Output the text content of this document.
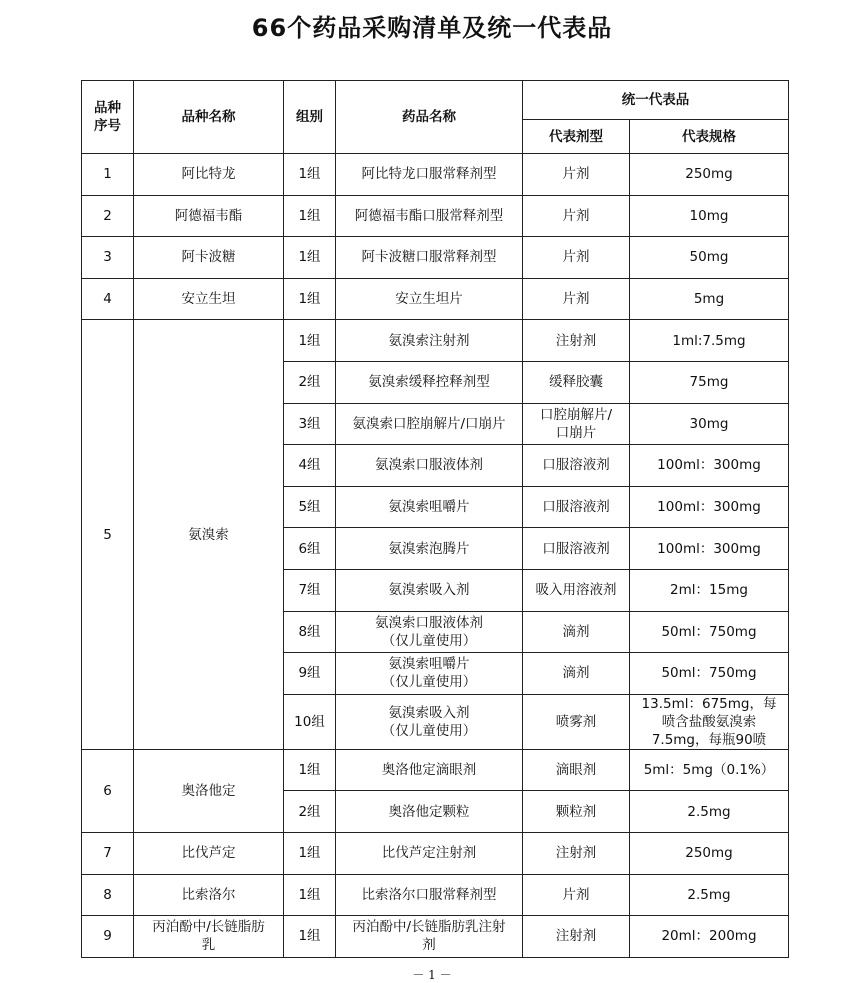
66个药品采购清单及统一代表品
品种
序号	品种名称	组别	药品名称	统一代表品	
				代表剂型	代表规格
1	阿比特龙	1组	阿比特龙口服常释剂型	片剂	250mg
2	阿德福韦酯	1组	阿德福韦酯口服常释剂型	片剂	10mg
3	阿卡波糖	1组	阿卡波糖口服常释剂型	片剂	50mg
4	安立生坦	1组	安立生坦片	片剂	5mg
5	氨溴索	1组	氨溴索注射剂	注射剂	1ml:7.5mg
		2组	氨溴索缓释控释剂型	缓释胶囊	75mg
		3组	氨溴索口腔崩解片/口崩片	口腔崩解片/
口崩片	30mg
		4组	氨溴索口服液体剂	口服溶液剂	100ml：300mg
		5组	氨溴索咀嚼片	口服溶液剂	100ml：300mg
		6组	氨溴索泡腾片	口服溶液剂	100ml：300mg
		7组	氨溴索吸入剂	吸入用溶液剂	2ml：15mg
		8组	氨溴索口服液体剂
（仅儿童使用）	滴剂	50ml：750mg
		9组	氨溴索咀嚼片
（仅儿童使用）	滴剂	50ml：750mg
		10组	氨溴索吸入剂
（仅儿童使用）	喷雾剂	13.5ml：675mg，每
喷含盐酸氨溴索
7.5mg，每瓶90喷
6	奥洛他定	1组	奥洛他定滴眼剂	滴眼剂	5ml：5mg（0.1%）
		2组	奥洛他定颗粒	颗粒剂	2.5mg
7	比伐芦定	1组	比伐芦定注射剂	注射剂	250mg
8	比索洛尔	1组	比索洛尔口服常释剂型	片剂	2.5mg
9	丙泊酚中/长链脂肪
乳	1组	丙泊酚中/长链脂肪乳注射
剂	注射剂	20ml：200mg
－ 1 －
